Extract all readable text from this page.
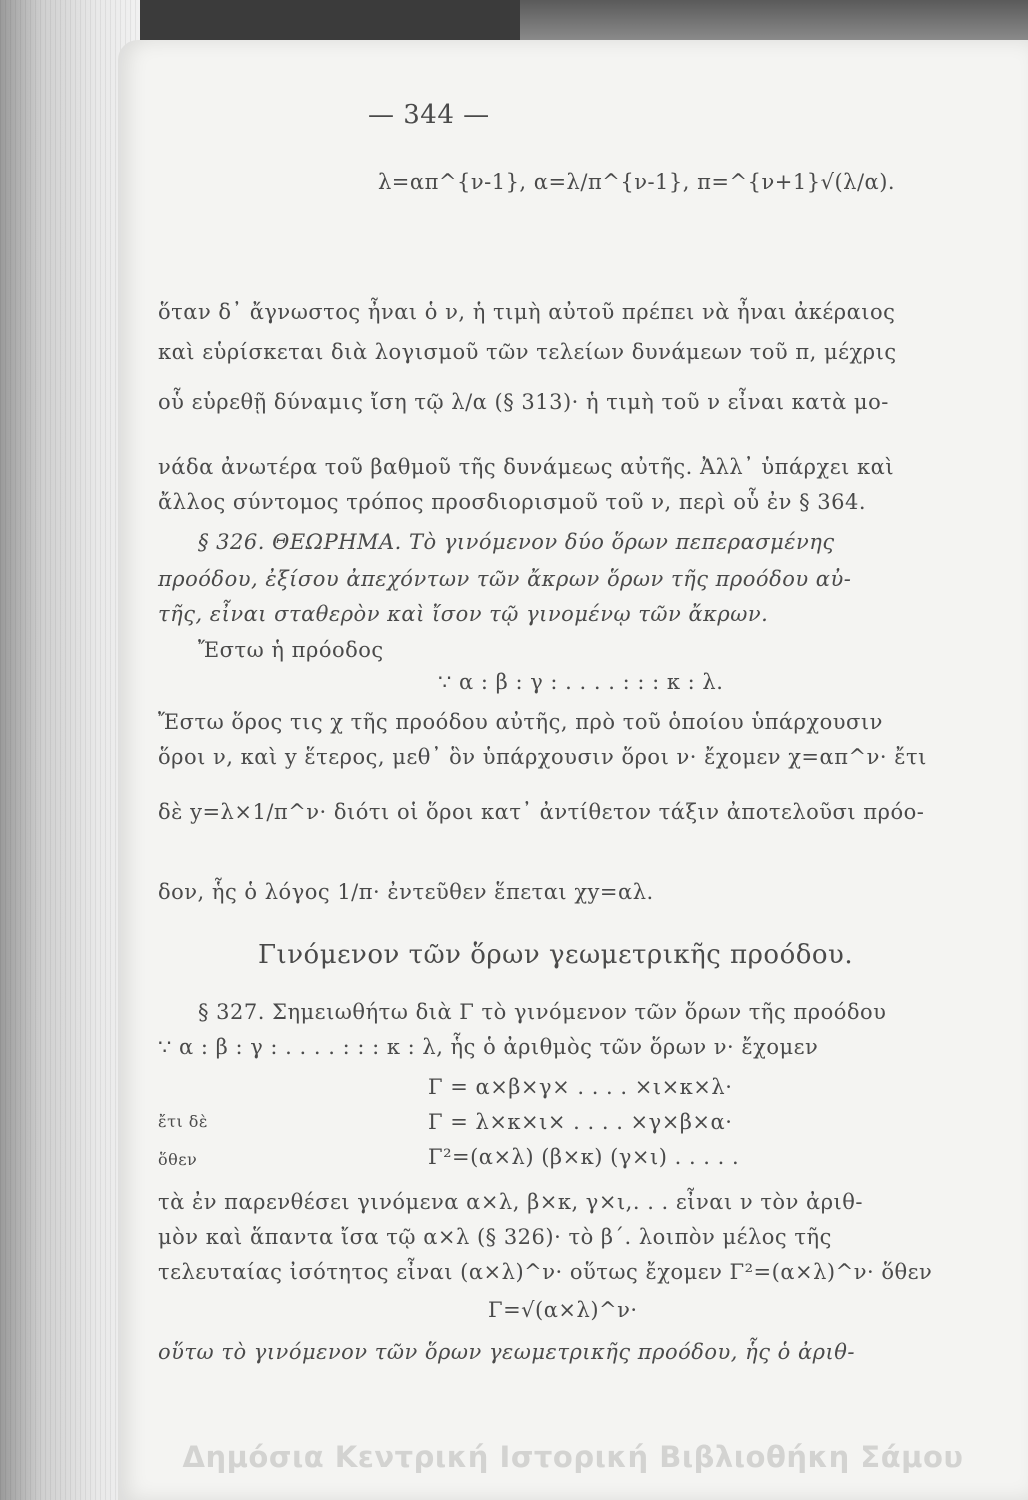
— 344 —
λ=απ^{ν-1}, α=λ/π^{ν-1}, π=^{ν+1}√(λ/α).
ὅταν δ᾽ ἄγνωστος ἦναι ὁ ν, ἡ τιμὴ αὐτοῦ πρέπει νὰ ἦναι ἀκέραιος
καὶ εὑρίσκεται διὰ λογισμοῦ τῶν τελείων δυνάμεων τοῦ π, μέχρις
οὗ εὑρεθῇ δύναμις ἴση τῷ λ/α (§ 313)· ἡ τιμὴ τοῦ ν εἶναι κατὰ μο-
νάδα ἀνωτέρα τοῦ βαθμοῦ τῆς δυνάμεως αὐτῆς. Ἀλλ᾽ ὑπάρχει καὶ
ἄλλος σύντομος τρόπος προσδιορισμοῦ τοῦ ν, περὶ οὗ ἐν § 364.
§ 326. ΘΕΩΡΗΜΑ. Τὸ γινόμενον δύο ὅρων πεπερασμένης
προόδου, ἐξίσου ἀπεχόντων τῶν ἄκρων ὅρων τῆς προόδου αὐ-
τῆς, εἶναι σταθερὸν καὶ ἴσον τῷ γινομένῳ τῶν ἄκρων.
Ἔστω ἡ πρόοδος
∵ α : β : γ : . . . . : : : κ : λ.
Ἔστω ὅρος τις χ τῆς προόδου αὐτῆς, πρὸ τοῦ ὁποίου ὑπάρχουσιν
ὅροι ν, καὶ y ἕτερος, μεθ᾽ ὃν ὑπάρχουσιν ὅροι ν· ἔχομεν χ=απ^ν· ἔτι
δὲ y=λ×1/π^ν· διότι οἱ ὅροι κατ᾽ ἀντίθετον τάξιν ἀποτελοῦσι πρόο-
δον, ἧς ὁ λόγος 1/π· ἐντεῦθεν ἕπεται χy=αλ.
Γινόμενον τῶν ὅρων γεωμετρικῆς προόδου.
§ 327. Σημειωθήτω διὰ Γ τὸ γινόμενον τῶν ὅρων τῆς προόδου
∵ α : β : γ : . . . . : : : κ : λ, ἧς ὁ ἀριθμὸς τῶν ὅρων ν· ἔχομεν
Γ = α×β×γ× . . . . ×ι×κ×λ·
ἔτι δὲ	Γ = λ×κ×ι× . . . . ×γ×β×α·
ὅθεν	Γ²=(α×λ) (β×κ) (γ×ι) . . . . .
τὰ ἐν παρενθέσει γινόμενα α×λ, β×κ, γ×ι,. . . εἶναι ν τὸν ἀριθ-
μὸν καὶ ἅπαντα ἴσα τῷ α×λ (§ 326)· τὸ β΄. λοιπὸν μέλος τῆς
τελευταίας ἰσότητος εἶναι (α×λ)^ν· οὕτως ἔχομεν Γ²=(α×λ)^ν· ὅθεν
Γ=√(α×λ)^ν·
οὕτω τὸ γινόμενον τῶν ὅρων γεωμετρικῆς προόδου, ἧς ὁ ἀριθ-
Δημόσια Κεντρική Ιστορική Βιβλιοθήκη Σάμου
